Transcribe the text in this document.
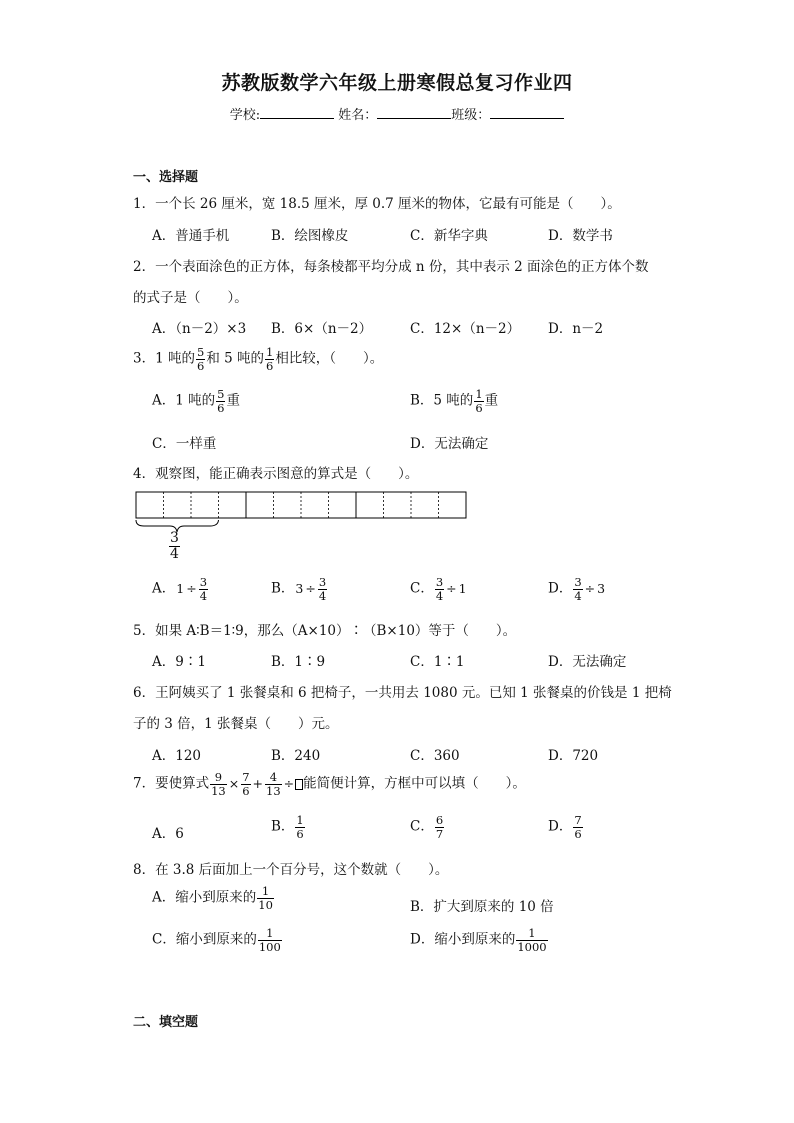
苏教版数学六年级上册寒假总复习作业四
学校:	姓名：	班级：
一、选择题
1．一个长 26 厘米，宽 18.5 厘米，厚 0.7 厘米的物体，它最有可能是（　　）。
A．普通手机	B．绘图橡皮	C．新华字典	D．数学书
2．一个表面涂色的正方体，每条棱都平均分成 n 份，其中表示 2 面涂色的正方体个数
的式子是（　　）。
A．（n－2）×3 B．6×（n－2）	C．12×（n－2） D．n－2
3．1 吨的 $\frac{5}{6}$ 和 5 吨的 $\frac{1}{6}$ 相比较，（　　）。
A．1 吨的 $\frac{5}{6}$ 重	B．5 吨的 $\frac{1}{6}$ 重
C．一样重	D．无法确定
4．观察图，能正确表示图意的算式是（　　）。
$\frac{3}{4}$
A．$1 \div \frac{3}{4}$	B．$3 \div \frac{3}{4}$	C． $\frac{3}{4} \div 1$	D． $\frac{3}{4} \div 3$
5．如果 A∶B＝1∶9，那么（A×10）∶（B×10）等于（　　）。
A．9∶1	B．1∶9	C．1∶1	D．无法确定
6．王阿姨买了 1 张餐桌和 6 把椅子，一共用去 1080 元。已知 1 张餐桌的价钱是 1 把椅
子的 3 倍，1 张餐桌（　　）元。
A．120	B．240	C．360	D．720
7．要使算式 $\frac{9}{13} \times \frac{7}{6} + \frac{4}{13}$ ÷ 能简便计算，方框中可以填（　　）。
A．6	B． $\frac{1}{6}$	C． $\frac{6}{7}$	D． $\frac{7}{6}$
8．在 3.8 后面加上一个百分号，这个数就（　　）。
A．缩小到原来的 $\frac{1}{10}$	B．扩大到原来的 10 倍
C．缩小到原来的 $\frac{1}{100}$	D．缩小到原来的 $\frac{1}{1000}$
二、填空题
